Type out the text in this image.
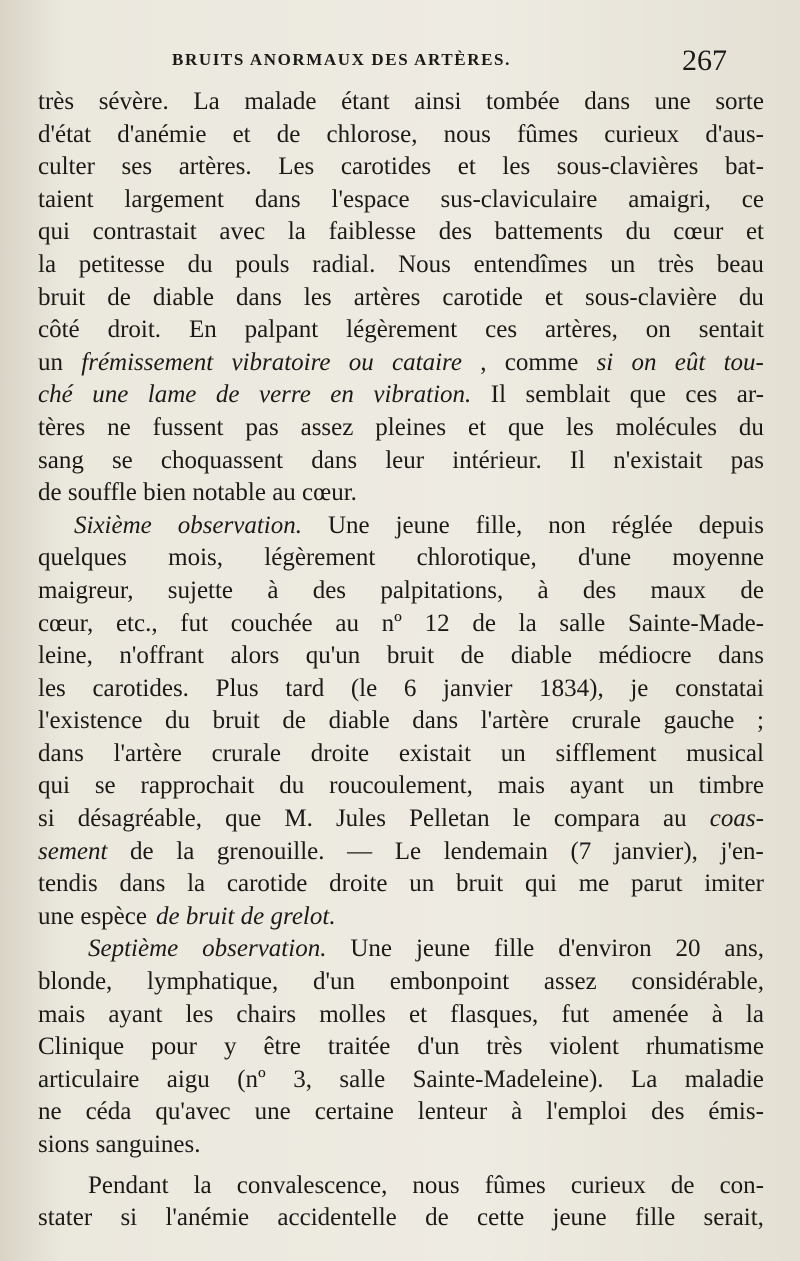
BRUITS ANORMAUX DES ARTÈRES.	267
très sévère. La malade étant ainsi tombée dans une sorte
d'état d'anémie et de chlorose, nous fûmes curieux d'aus-
culter ses artères. Les carotides et les sous-clavières bat-
taient largement dans l'espace sus-claviculaire amaigri, ce
qui contrastait avec la faiblesse des battements du cœur et
la petitesse du pouls radial. Nous entendîmes un très beau
bruit de diable dans les artères carotide et sous-clavière du
côté droit. En palpant légèrement ces artères, on sentait
un frémissement vibratoire ou cataire , comme si on eût tou-
ché une lame de verre en vibration. Il semblait que ces ar-
tères ne fussent pas assez pleines et que les molécules du
sang se choquassent dans leur intérieur. Il n'existait pas
de souffle bien notable au cœur.
Sixième observation. Une jeune fille, non réglée depuis
quelques mois, légèrement chlorotique, d'une moyenne
maigreur, sujette à des palpitations, à des maux de
cœur, etc., fut couchée au nº 12 de la salle Sainte-Made-
leine, n'offrant alors qu'un bruit de diable médiocre dans
les carotides. Plus tard (le 6 janvier 1834), je constatai
l'existence du bruit de diable dans l'artère crurale gauche ;
dans l'artère crurale droite existait un sifflement musical
qui se rapprochait du roucoulement, mais ayant un timbre
si désagréable, que M. Jules Pelletan le compara au coas-
sement de la grenouille. — Le lendemain (7 janvier), j'en-
tendis dans la carotide droite un bruit qui me parut imiter
une espèce de bruit de grelot.
Septième observation. Une jeune fille d'environ 20 ans,
blonde, lymphatique, d'un embonpoint assez considérable,
mais ayant les chairs molles et flasques, fut amenée à la
Clinique pour y être traitée d'un très violent rhumatisme
articulaire aigu (nº 3, salle Sainte-Madeleine). La maladie
ne céda qu'avec une certaine lenteur à l'emploi des émis-
sions sanguines.
Pendant la convalescence, nous fûmes curieux de con-
stater si l'anémie accidentelle de cette jeune fille serait,
